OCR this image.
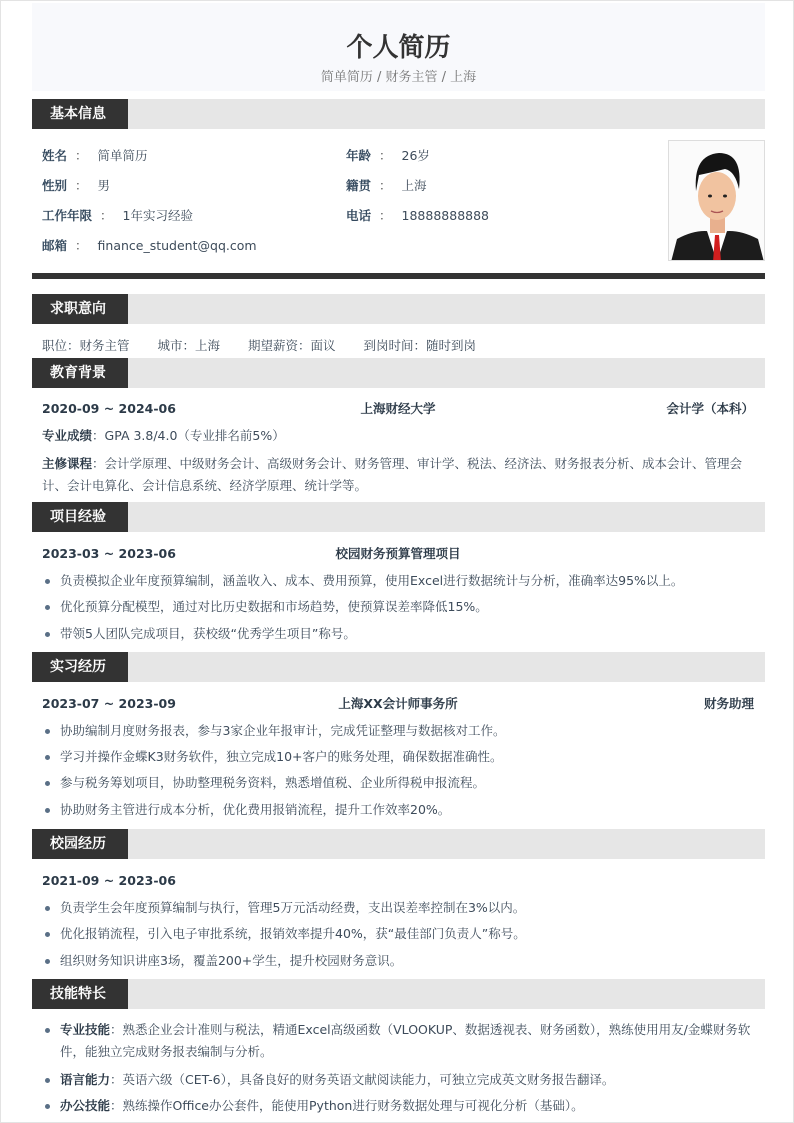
个人简历
简单简历 / 财务主管 / 上海
基本信息
姓名 ： 简单简历	年龄 ： 26岁
性别 ： 男	籍贯 ： 上海
工作年限 ： 1年实习经验	电话 ： 18888888888
邮箱 ： finance_student@qq.com
求职意向
职位：财务主管 城市：上海 期望薪资：面议 到岗时间：随时到岗
教育背景
2020-09 ~ 2024-06	上海财经大学	会计学（本科）
专业成绩：GPA 3.8/4.0（专业排名前5%）
主修课程：会计学原理、中级财务会计、高级财务会计、财务管理、审计学、税法、经济法、财务报表分析、成本会计、管理会计、会计电算化、会计信息系统、经济学原理、统计学等。
项目经验
2023-03 ~ 2023-06	校园财务预算管理项目
负责模拟企业年度预算编制，涵盖收入、成本、费用预算，使用Excel进行数据统计与分析，准确率达95%以上。
优化预算分配模型，通过对比历史数据和市场趋势，使预算误差率降低15%。
带领5人团队完成项目，获校级“优秀学生项目”称号。
实习经历
2023-07 ~ 2023-09	上海XX会计师事务所	财务助理
协助编制月度财务报表，参与3家企业年报审计，完成凭证整理与数据核对工作。
学习并操作金蝶K3财务软件，独立完成10+客户的账务处理，确保数据准确性。
参与税务筹划项目，协助整理税务资料，熟悉增值税、企业所得税申报流程。
协助财务主管进行成本分析，优化费用报销流程，提升工作效率20%。
校园经历
2021-09 ~ 2023-06
负责学生会年度预算编制与执行，管理5万元活动经费，支出误差率控制在3%以内。
优化报销流程，引入电子审批系统，报销效率提升40%，获“最佳部门负责人”称号。
组织财务知识讲座3场，覆盖200+学生，提升校园财务意识。
技能特长
专业技能：熟悉企业会计准则与税法，精通Excel高级函数（VLOOKUP、数据透视表、财务函数），熟练使用用友/金蝶财务软件，能独立完成财务报表编制与分析。
语言能力：英语六级（CET-6），具备良好的财务英语文献阅读能力，可独立完成英文财务报告翻译。
办公技能：熟练操作Office办公套件，能使用Python进行财务数据处理与可视化分析（基础）。
